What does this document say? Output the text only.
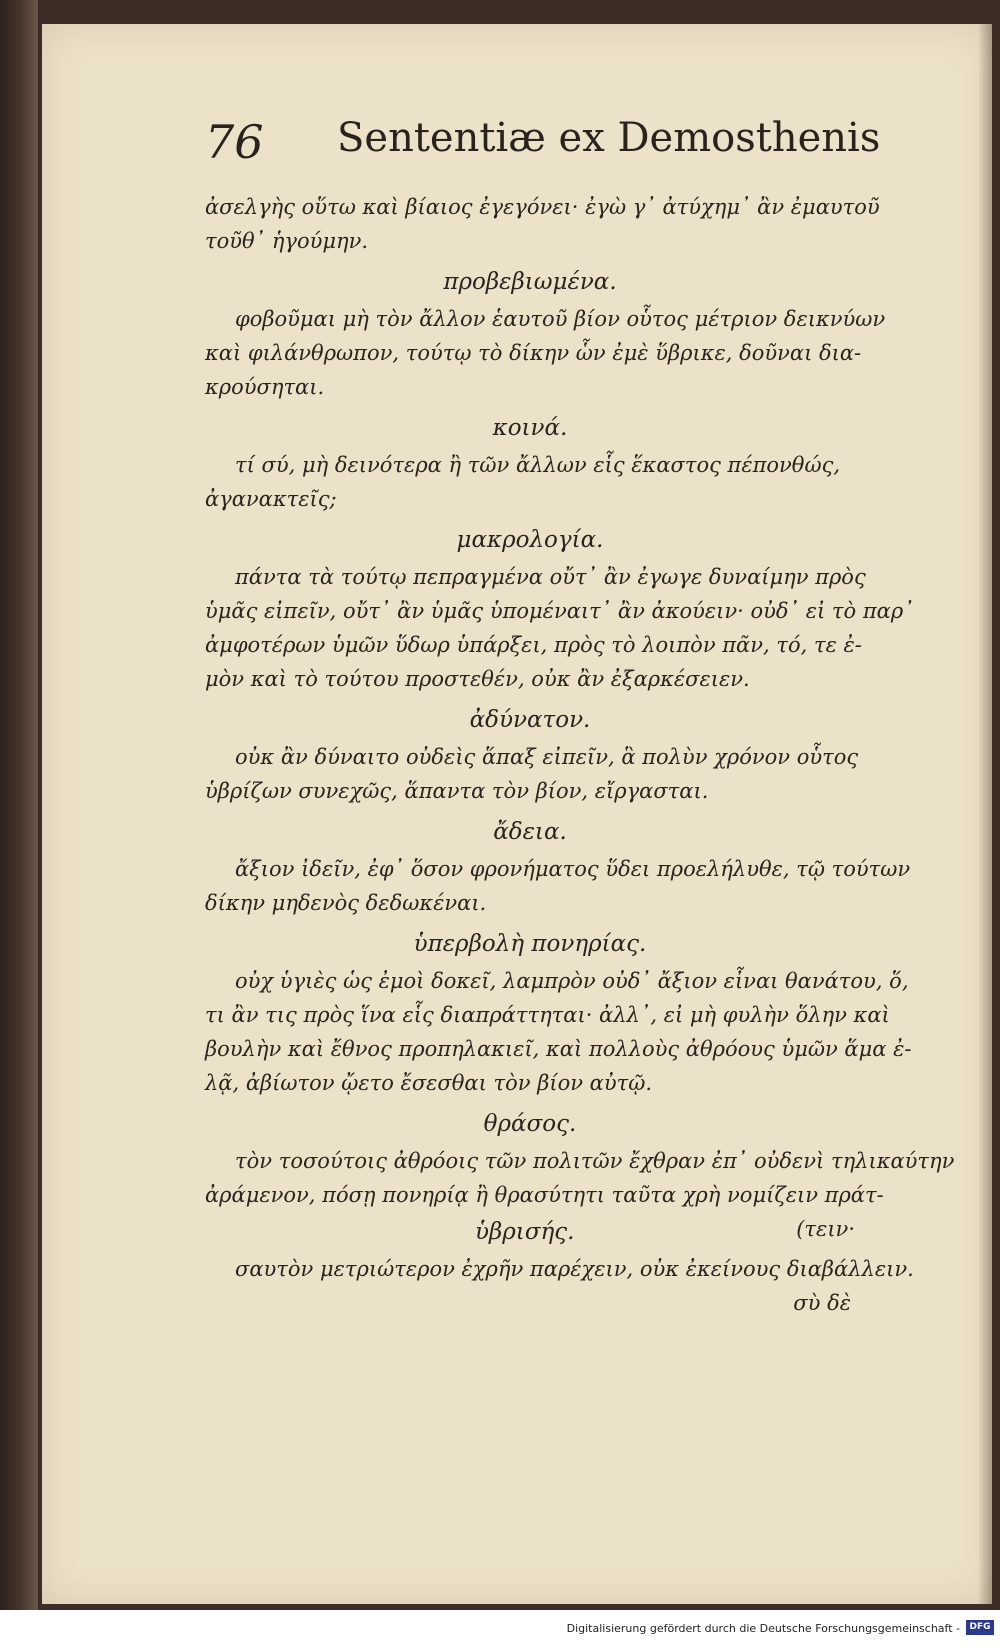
76 Sententiæ ex Demosthenis
ἀσελγὴς οὕτω καὶ βίαιος ἐγεγόνει· ἐγὼ γ᾽ ἀτύχημ᾽ ἂν ἐμαυτοῦ
τοῦθ᾽ ἡγούμην.
προβεβιωμένα.
φοβοῦμαι μὴ τὸν ἄλλον ἑαυτοῦ βίον οὗτος μέτριον δεικνύων
καὶ φιλάνθρωπον, τούτῳ τὸ δίκην ὧν ἐμὲ ὕβρικε, δοῦναι δια-
κρούσηται.
κοινά.
τί σύ, μὴ δεινότερα ἢ τῶν ἄλλων εἷς ἕκαστος πέπονθώς,
ἀγανακτεῖς;
μακρολογία.
πάντα τὰ τούτῳ πεπραγμένα οὔτ᾽ ἂν ἐγωγε δυναίμην πρὸς
ὑμᾶς εἰπεῖν, οὔτ᾽ ἂν ὑμᾶς ὑπομέναιτ᾽ ἂν ἀκούειν· οὐδ᾽ εἰ τὸ παρ᾽
ἀμφοτέρων ὑμῶν ὕδωρ ὑπάρξει, πρὸς τὸ λοιπὸν πᾶν, τό, τε ἐ-
μὸν καὶ τὸ τούτου προστεθέν, οὐκ ἂν ἐξαρκέσειεν.
ἀδύνατον.
οὐκ ἂν δύναιτο οὐδεὶς ἅπαξ εἰπεῖν, ἃ πολὺν χρόνον οὗτος
ὑβρίζων συνεχῶς, ἅπαντα τὸν βίον, εἴργασται.
ἄδεια.
ἄξιον ἰδεῖν, ἐφ᾽ ὅσον φρονήματος ὕδει προελήλυθε, τῷ τούτων
δίκην μηδενὸς δεδωκέναι.
ὑπερβολὴ πονηρίας.
οὐχ ὑγιὲς ὡς ἐμοὶ δοκεῖ, λαμπρὸν οὐδ᾽ ἄξιον εἶναι θανάτου, ὅ,
τι ἂν τις πρὸς ἵνα εἷς διαπράττηται· ἀλλ᾽, εἰ μὴ φυλὴν ὅλην καὶ
βουλὴν καὶ ἔθνος προπηλακιεῖ, καὶ πολλοὺς ἀθρόους ὑμῶν ἅμα ἐ-
λᾷ, ἀβίωτον ᾤετο ἔσεσθαι τὸν βίον αὐτῷ.
θράσος.
τὸν τοσούτοις ἀθρόοις τῶν πολιτῶν ἔχθραν ἐπ᾽ οὐδενὶ τηλικαύτην
ἀράμενον, πόσῃ πονηρίᾳ ἢ θρασύτητι ταῦτα χρὴ νομίζειν πράτ-
ὑβρισής.	(τειν·
σαυτὸν μετριώτερον ἐχρῆν παρέχειν, οὐκ ἐκείνους διαβάλλειν.
σὺ δὲ
Digitalisierung gefördert durch die Deutsche Forschungsgemeinschaft -	DFG
